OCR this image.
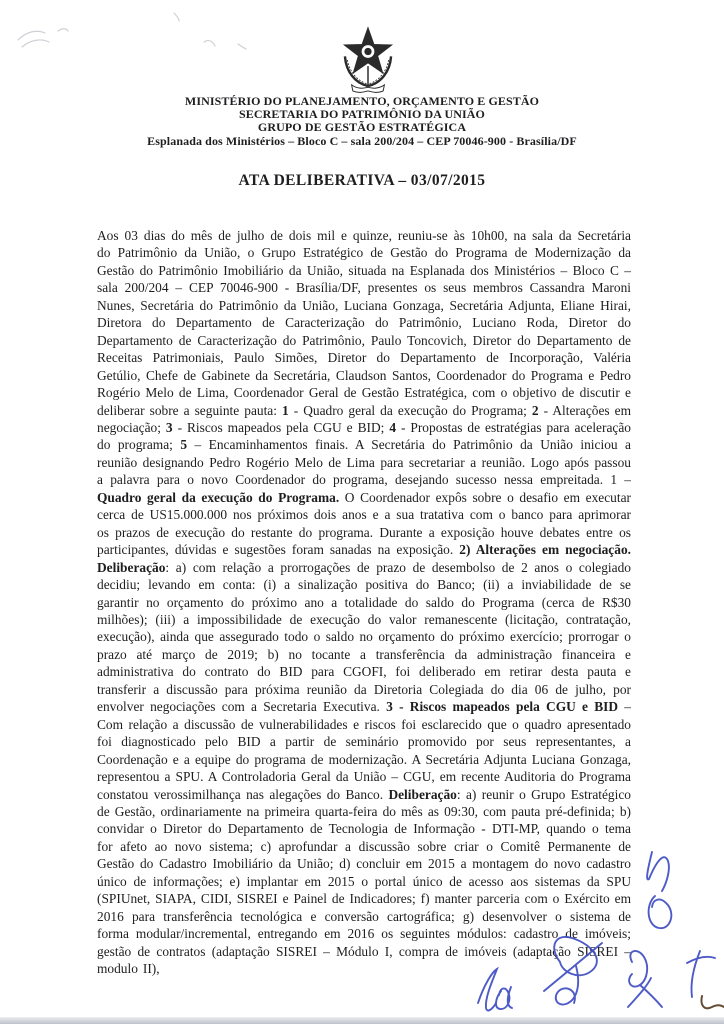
MINISTÉRIO DO PLANEJAMENTO, ORÇAMENTO E GESTÃO
SECRETARIA DO PATRIMÔNIO DA UNIÃO
GRUPO DE GESTÃO ESTRATÉGICA
Esplanada dos Ministérios – Bloco C – sala 200/204 – CEP 70046-900 - Brasília/DF
ATA DELIBERATIVA – 03/07/2015

Aos 03 dias do mês de julho de dois mil e quinze, reuniu-se às 10h00, na sala da Secretária do Patrimônio da União, o Grupo Estratégico de Gestão do Programa de Modernização da Gestão do Patrimônio Imobiliário da União, situada na Esplanada dos Ministérios – Bloco C – sala 200/204 – CEP 70046-900 - Brasília/DF, presentes os seus membros Cassandra Maroni Nunes, Secretária do Patrimônio da União, Luciana Gonzaga, Secretária Adjunta, Eliane Hirai, Diretora do Departamento de Caracterização do Patrimônio, Luciano Roda, Diretor do Departamento de Caracterização do Patrimônio, Paulo Toncovich, Diretor do Departamento de Receitas Patrimoniais, Paulo Simões, Diretor do Departamento de Incorporação, Valéria Getúlio, Chefe de Gabinete da Secretária, Claudson Santos, Coordenador do Programa e Pedro Rogério Melo de Lima, Coordenador Geral de Gestão Estratégica, com o objetivo de discutir e deliberar sobre a seguinte pauta: 1 - Quadro geral da execução do Programa; 2 - Alterações em negociação; 3 - Riscos mapeados pela CGU e BID; 4 - Propostas de estratégias para aceleração do programa; 5 – Encaminhamentos finais. A Secretária do Patrimônio da União iniciou a reunião designando Pedro Rogério Melo de Lima para secretariar a reunião. Logo após passou a palavra para o novo Coordenador do programa, desejando sucesso nessa empreitada. 1 – Quadro geral da execução do Programa. O Coordenador expôs sobre o desafio em executar cerca de US15.000.000 nos próximos dois anos e a sua tratativa com o banco para aprimorar os prazos de execução do restante do programa. Durante a exposição houve debates entre os participantes, dúvidas e sugestões foram sanadas na exposição. 2) Alterações em negociação. Deliberação: a) com relação a prorrogações de prazo de desembolso de 2 anos o colegiado decidiu; levando em conta: (i) a sinalização positiva do Banco; (ii) a inviabilidade de se garantir no orçamento do próximo ano a totalidade do saldo do Programa (cerca de R$30 milhões); (iii) a impossibilidade de execução do valor remanescente (licitação, contratação, execução), ainda que assegurado todo o saldo no orçamento do próximo exercício; prorrogar o prazo até março de 2019; b) no tocante a transferência da administração financeira e administrativa do contrato do BID para CGOFI, foi deliberado em retirar desta pauta e transferir a discussão para próxima reunião da Diretoria Colegiada do dia 06 de julho, por envolver negociações com a Secretaria Executiva. 3 - Riscos mapeados pela CGU e BID – Com relação a discussão de vulnerabilidades e riscos foi esclarecido que o quadro apresentado foi diagnosticado pelo BID a partir de seminário promovido por seus representantes, a Coordenação e a equipe do programa de modernização. A Secretária Adjunta Luciana Gonzaga, representou a SPU. A Controladoria Geral da União – CGU, em recente Auditoria do Programa constatou verossimilhança nas alegações do Banco. Deliberação: a) reunir o Grupo Estratégico de Gestão, ordinariamente na primeira quarta-feira do mês as 09:30, com pauta pré-definida; b) convidar o Diretor do Departamento de Tecnologia de Informação - DTI-MP, quando o tema for afeto ao novo sistema; c) aprofundar a discussão sobre criar o Comitê Permanente de Gestão do Cadastro Imobiliário da União; d) concluir em 2015 a montagem do novo cadastro único de informações; e) implantar em 2015 o portal único de acesso aos sistemas da SPU (SPIUnet, SIAPA, CIDI, SISREI e Painel de Indicadores; f) manter parceria com o Exército em 2016 para transferência tecnológica e conversão cartográfica; g) desenvolver o sistema de forma modular/incremental, entregando em 2016 os seguintes módulos: cadastro de imóveis; gestão de contratos (adaptação SISREI – Módulo I, compra de imóveis (adaptação SISREI – modulo II),
